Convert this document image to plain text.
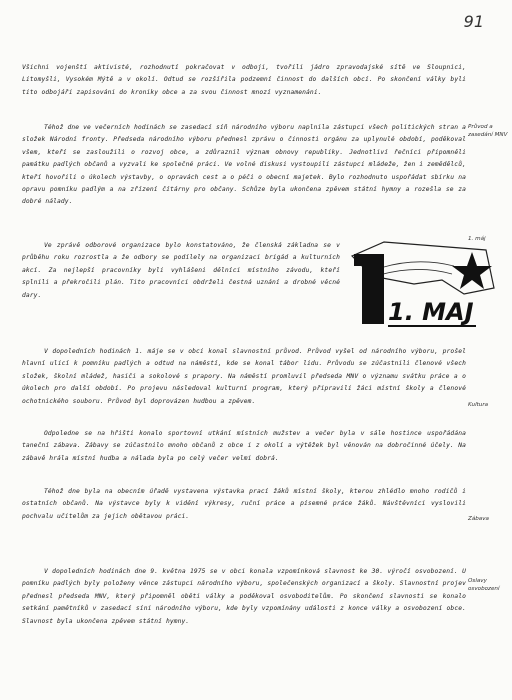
91

Všichni vojenští aktivisté, rozhodnutí pokračovat v odboji, tvořili jádro zpravodajské sítě ve Sloupnici, Litomyšli, Vysokém Mýtě a v okolí. Odtud se rozšířila podzemní činnost do dalších obcí. Po skončení války byli tito odbojáři zapisováni do kroniky obce a za svou činnost mnozí vyznamenáni.

Téhož dne ve večerních hodinách se zasedací síň národního výboru naplnila zástupci všech politických stran a složek Národní fronty. Předseda národního výboru přednesl zprávu o činnosti orgánu za uplynulé období, poděkoval všem, kteří se zasloužili o rozvoj obce, a zdůraznil význam obnovy republiky. Jednotliví řečníci připomněli památku padlých občanů a vyzvali ke společné práci. Ve volné diskusi vystoupili zástupci mládeže, žen i zemědělců, kteří hovořili o úkolech výstavby, o opravách cest a o péči o obecní majetek. Bylo rozhodnuto uspořádat sbírku na opravu pomníku padlým a na zřízení čítárny pro občany. Schůze byla ukončena zpěvem státní hymny a rozešla se za dobré nálady.

Ve zprávě odborové organizace bylo konstatováno, že členská základna se v průběhu roku rozrostla a že odbory se podílely na organizaci brigád a kulturních akcí. Za nejlepší pracovníky byli vyhlášeni dělníci místního závodu, kteří splnili a překročili plán. Tito pracovníci obdrželi čestná uznání a drobné věcné dary.

V dopoledních hodinách 1. máje se v obci konal slavnostní průvod. Průvod vyšel od národního výboru, prošel hlavní ulicí k pomníku padlých a odtud na náměstí, kde se konal tábor lidu. Průvodu se zúčastnili členové všech složek, školní mládež, hasiči a sokolové s prapory. Na náměstí promluvil předseda MNV o významu svátku práce a o úkolech pro další období. Po projevu následoval kulturní program, který připravili žáci místní školy a členové ochotnického souboru. Průvod byl doprovázen hudbou a zpěvem.

Odpoledne se na hřišti konalo sportovní utkání místních mužstev a večer byla v sále hostince uspořádána taneční zábava. Zábavy se zúčastnilo mnoho občanů z obce i z okolí a výtěžek byl věnován na dobročinné účely. Na zábavě hrála místní hudba a nálada byla po celý večer velmi dobrá.

Téhož dne byla na obecním úřadě vystavena výstavka prací žáků místní školy, kterou zhlédlo mnoho rodičů i ostatních občanů. Na výstavce byly k vidění výkresy, ruční práce a písemné práce žáků. Návštěvníci vyslovili pochvalu učitelům za jejich obětavou práci.

V dopoledních hodinách dne 9. května 1975 se v obci konala vzpomínková slavnost ke 30. výročí osvobození. U pomníku padlých byly položeny věnce zástupci národního výboru, společenských organizací a školy. Slavnostní projev přednesl předseda MNV, který připomněl oběti války a poděkoval osvoboditelům. Po skončení slavnosti se konalo setkání pamětníků v zasedací síni národního výboru, kde byly vzpomínány události z konce války a osvobození obce. Slavnost byla ukončena zpěvem státní hymny.

Průvod a zasedání MNV
1. máj
Kultura
Zábava
Oslavy osvobození
1. MAJ
